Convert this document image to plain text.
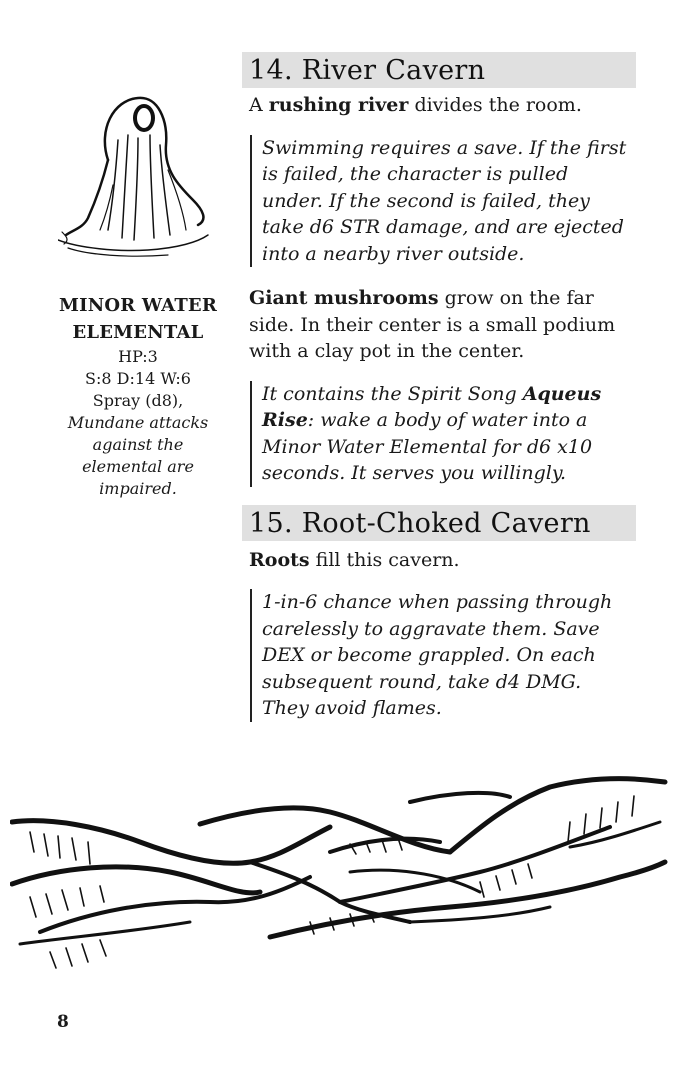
MINOR WATER
ELEMENTAL
HP:3
S:8 D:14 W:6
Spray (d8),
Mundane attacks
against the
elemental are
impaired.
14. River Cavern

A rushing river divides the room.

Swimming requires a save. If the first
is failed, the character is pulled
under. If the second is failed, they
take d6 STR damage, and are ejected
into a nearby river outside.
Giant mushrooms grow on the far
side. In their center is a small podium
with a clay pot in the center.
It contains the Spirit Song Aqueus
Rise: wake a body of water into a
Minor Water Elemental for d6 x10
seconds. It serves you willingly.
15. Root-Choked Cavern

Roots fill this cavern.

1-in-6 chance when passing through
carelessly to aggravate them. Save
DEX or become grappled. On each
subsequent round, take d4 DMG.
They avoid flames.
8
